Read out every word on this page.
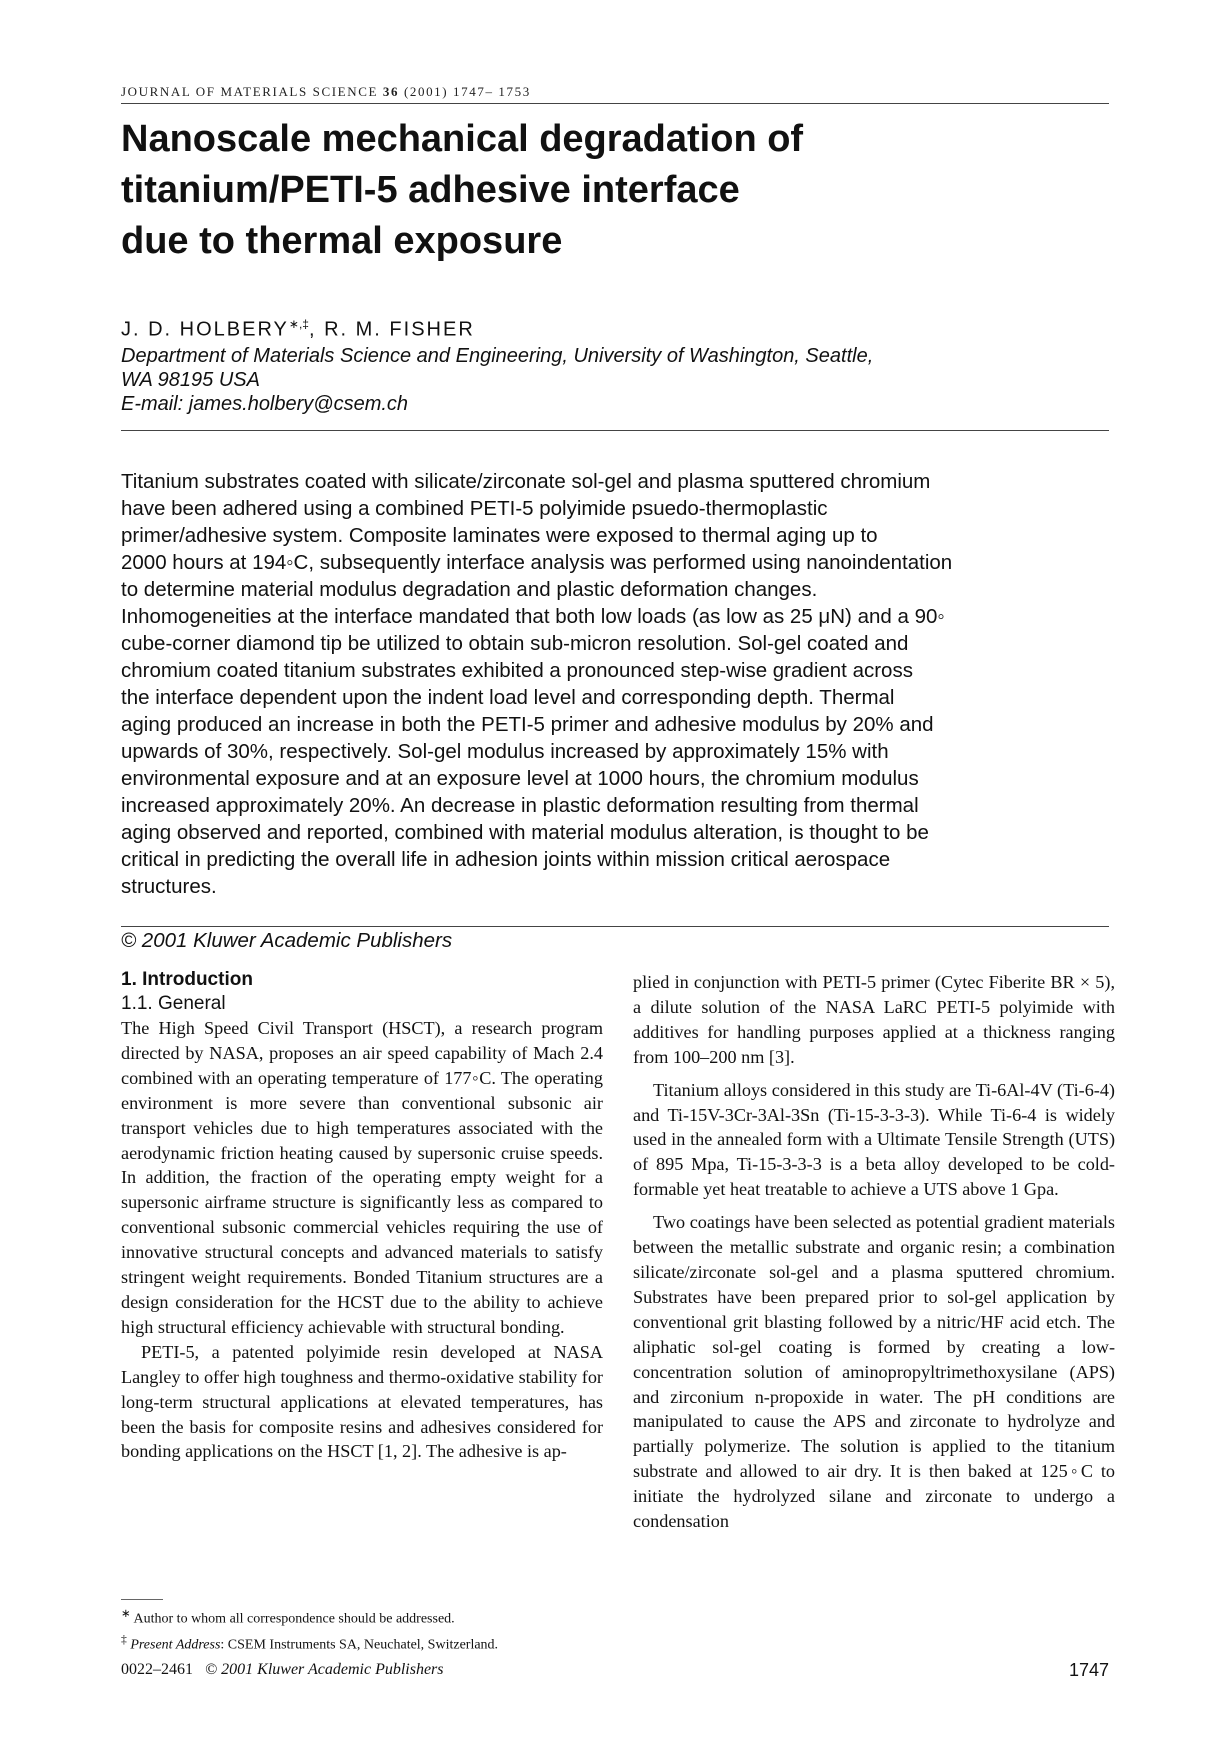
JOURNAL OF MATERIALS SCIENCE 36 (2001) 1747– 1753
Nanoscale mechanical degradation of
titanium/PETI-5 adhesive interface
due to thermal exposure
J. D. HOLBERY∗,‡, R. M. FISHER
Department of Materials Science and Engineering, University of Washington, Seattle,
WA 98195 USA
E-mail: james.holbery@csem.ch
Titanium substrates coated with silicate/zirconate sol-gel and plasma sputtered chromium
have been adhered using a combined PETI-5 polyimide psuedo-thermoplastic
primer/adhesive system. Composite laminates were exposed to thermal aging up to
2000 hours at 194◦C, subsequently interface analysis was performed using nanoindentation
to determine material modulus degradation and plastic deformation changes.
Inhomogeneities at the interface mandated that both low loads (as low as 25 μN) and a 90◦
cube-corner diamond tip be utilized to obtain sub-micron resolution. Sol-gel coated and
chromium coated titanium substrates exhibited a pronounced step-wise gradient across
the interface dependent upon the indent load level and corresponding depth. Thermal
aging produced an increase in both the PETI-5 primer and adhesive modulus by 20% and
upwards of 30%, respectively. Sol-gel modulus increased by approximately 15% with
environmental exposure and at an exposure level at 1000 hours, the chromium modulus
increased approximately 20%. An decrease in plastic deformation resulting from thermal
aging observed and reported, combined with material modulus alteration, is thought to be
critical in predicting the overall life in adhesion joints within mission critical aerospace
structures.

© 2001 Kluwer Academic Publishers
1. Introduction
1.1. General

The High Speed Civil Transport (HSCT), a research program directed by NASA, proposes an air speed capability of Mach 2.4 combined with an operating temperature of 177◦C. The operating environment is more severe than conventional subsonic air transport vehicles due to high temperatures associated with the aerodynamic friction heating caused by supersonic cruise speeds. In addition, the fraction of the operating empty weight for a supersonic airframe structure is significantly less as compared to conventional subsonic commercial vehicles requiring the use of innovative structural concepts and advanced materials to satisfy stringent weight requirements. Bonded Titanium structures are a design consideration for the HCST due to the ability to achieve high structural efficiency achievable with structural bonding.

PETI-5, a patented polyimide resin developed at NASA Langley to offer high toughness and thermo-oxidative stability for long-term structural applications at elevated temperatures, has been the basis for composite resins and adhesives considered for bonding applications on the HSCT [1, 2]. The adhesive is ap-

plied in conjunction with PETI-5 primer (Cytec Fiberite BR × 5), a dilute solution of the NASA LaRC PETI-5 polyimide with additives for handling purposes applied at a thickness ranging from 100–200 nm [3].

Titanium alloys considered in this study are Ti-6Al-4V (Ti-6-4) and Ti-15V-3Cr-3Al-3Sn (Ti-15-3-3-3). While Ti-6-4 is widely used in the annealed form with a Ultimate Tensile Strength (UTS) of 895 Mpa, Ti-15-3-3-3 is a beta alloy developed to be cold-formable yet heat treatable to achieve a UTS above 1 Gpa.

Two coatings have been selected as potential gradient materials between the metallic substrate and organic resin; a combination silicate/zirconate sol-gel and a plasma sputtered chromium. Substrates have been prepared prior to sol-gel application by conventional grit blasting followed by a nitric/HF acid etch. The aliphatic sol-gel coating is formed by creating a low-concentration solution of aminopropyltrimethoxysilane (APS) and zirconium n-propoxide in water. The pH conditions are manipulated to cause the APS and zirconate to hydrolyze and partially polymerize. The solution is applied to the titanium substrate and allowed to air dry. It is then baked at 125◦C to initiate the hydrolyzed silane and zirconate to undergo a condensation

∗ Author to whom all correspondence should be addressed.
‡ Present Address: CSEM Instruments SA, Neuchatel, Switzerland.
0022–2461 © 2001 Kluwer Academic Publishers	1747
